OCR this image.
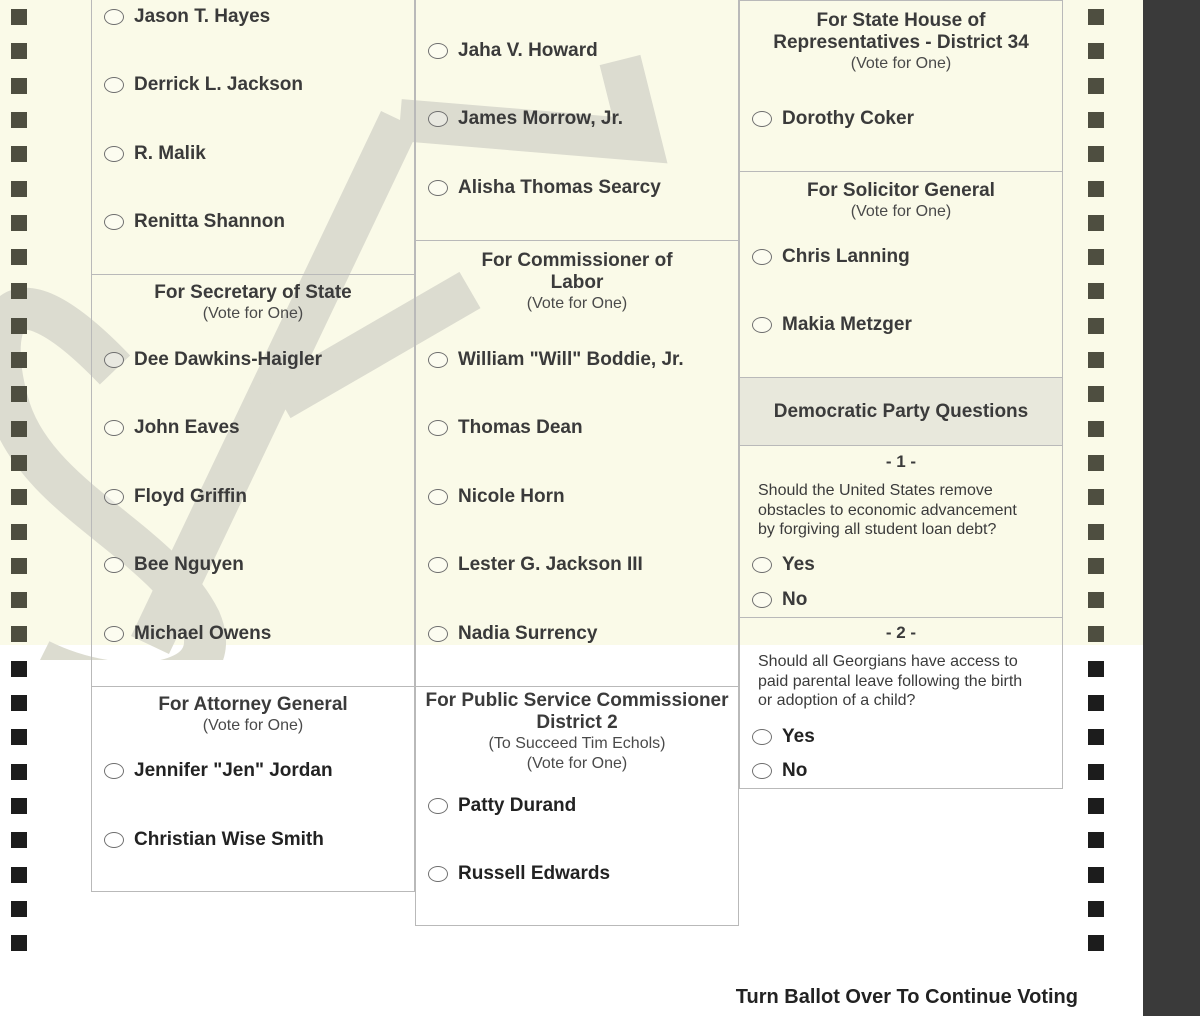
Democratic Party Questions
Jason T. Hayes
Derrick L. Jackson
R. Malik
Renitta Shannon
For Secretary of State
(Vote for One)
Dee Dawkins-Haigler
John Eaves
Floyd Griffin
Bee Nguyen
Michael Owens
For Attorney General
(Vote for One)
Jennifer "Jen" Jordan
Christian Wise Smith
Jaha V. Howard
James Morrow, Jr.
Alisha Thomas Searcy
For Commissioner of
Labor
(Vote for One)
William "Will" Boddie, Jr.
Thomas Dean
Nicole Horn
Lester G. Jackson III
Nadia Surrency
For Public Service Commissioner
District 2
(To Succeed Tim Echols)
(Vote for One)
Patty Durand
Russell Edwards
For State House of
Representatives - District 34
(Vote for One)
Dorothy Coker
For Solicitor General
(Vote for One)
Chris Lanning
Makia Metzger
- 1 -
Should the United States remove
obstacles to economic advancement
by forgiving all student loan debt?
Yes
No
- 2 -
Should all Georgians have access to
paid parental leave following the birth
or adoption of a child?
Yes
No
Turn Ballot Over To Continue Voting
